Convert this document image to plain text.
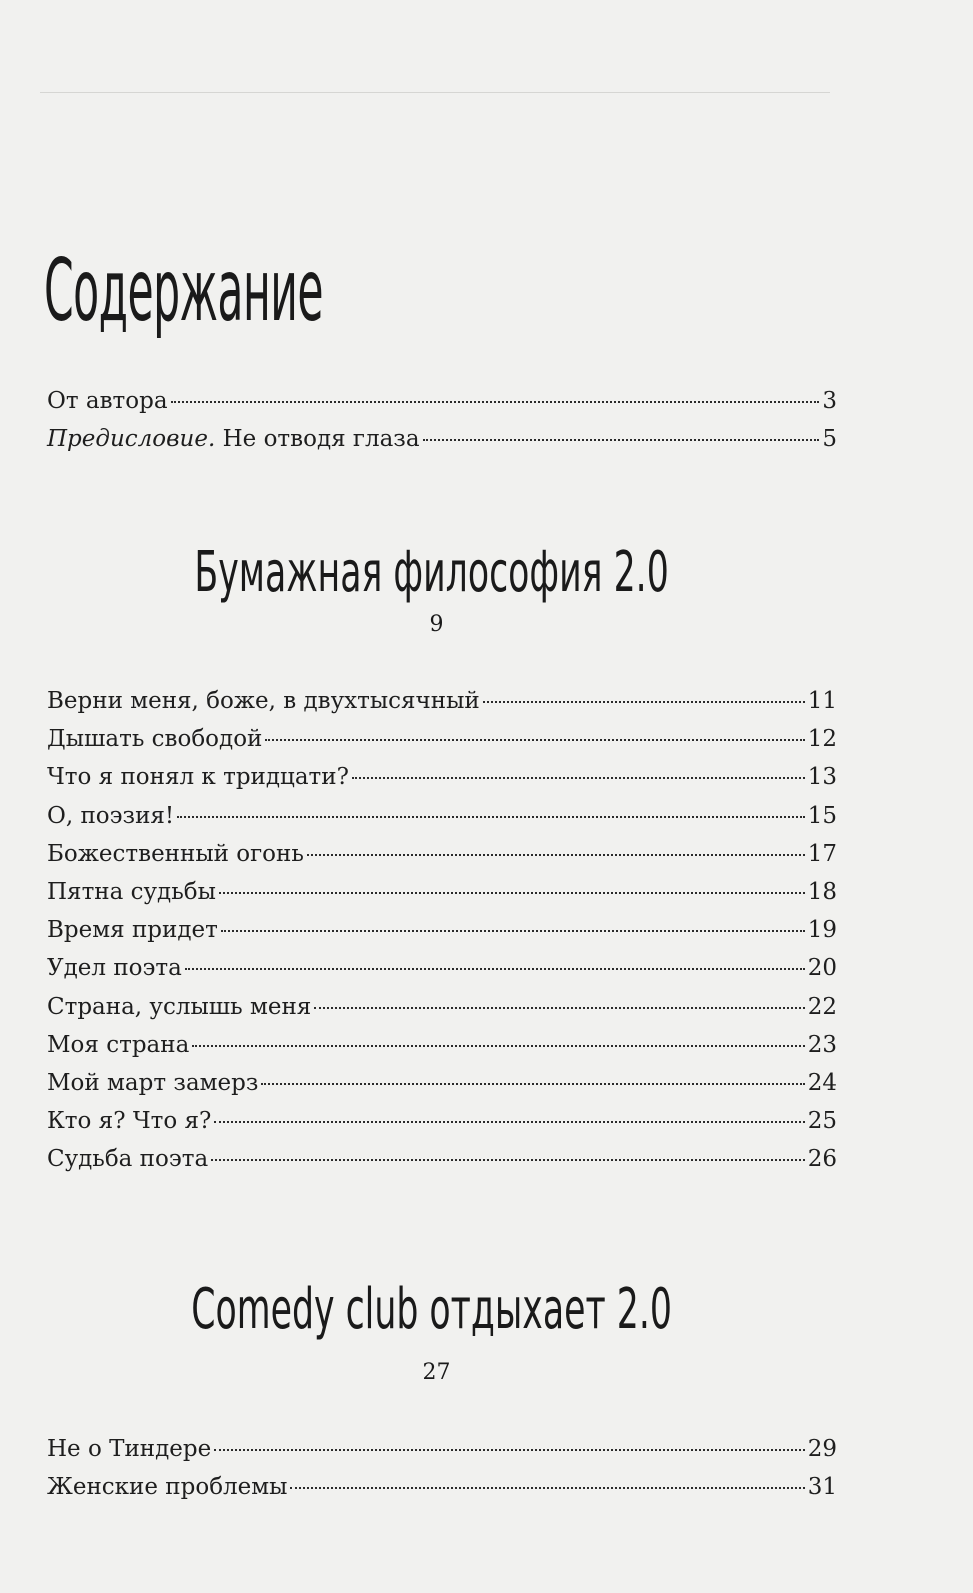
Содержание
От автора	3
Предисловие. Не отводя глаза	5
Бумажная философия 2.0
9
Верни меня, боже, в двухтысячный	11
Дышать свободой	12
Что я понял к тридцати?	13
О, поэзия!	15
Божественный огонь	17
Пятна судьбы	18
Время придет	19
Удел поэта	20
Страна, услышь меня	22
Моя страна	23
Мой март замерз	24
Кто я? Что я?	25
Судьба поэта	26
Comedy club отдыхает 2.0
27
Не о Тиндере	29
Женские проблемы	31
